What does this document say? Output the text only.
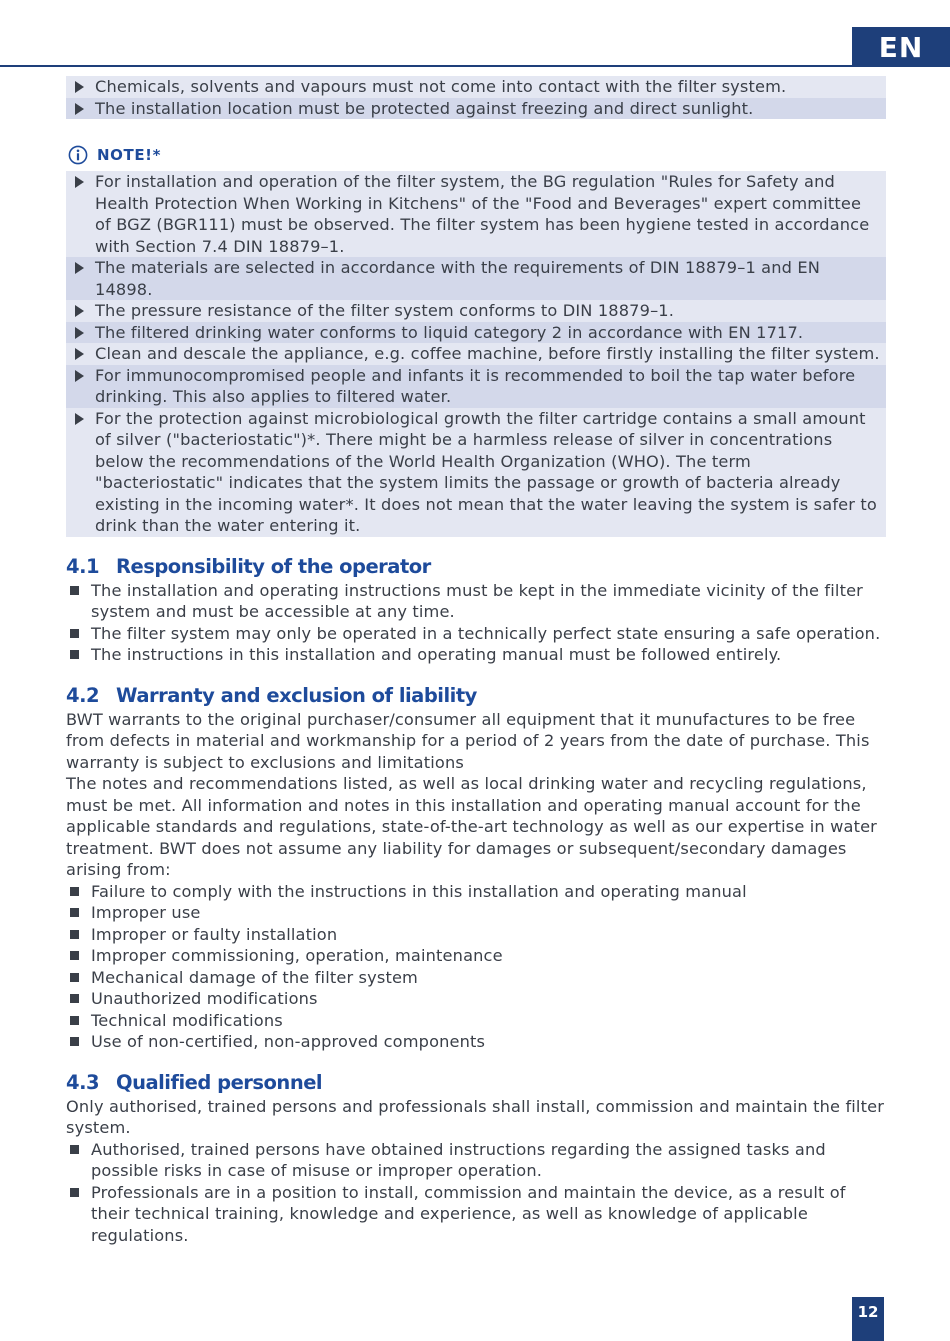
EN
Chemicals, solvents and vapours must not come into contact with the filter system.
The installation location must be protected against freezing and direct sunlight.
NOTE!*
For installation and operation of the filter system, the BG regulation "Rules for Safety and Health Protection When Working in Kitchens" of the "Food and Beverages" expert committee of BGZ (BGR111) must be observed. The filter system has been hygiene tested in accordance with Section 7.4 DIN 18879–1.
The materials are selected in accordance with the requirements of DIN 18879–1 and EN 14898.
The pressure resistance of the filter system conforms to DIN 18879–1.
The filtered drinking water conforms to liquid category 2 in accordance with EN 1717.
Clean and descale the appliance, e.g. coffee machine, before firstly installing the filter system.
For immunocompromised people and infants it is recommended to boil the tap water before drinking. This also applies to filtered water.
For the protection against microbiological growth the filter cartridge contains a small amount of silver ("bacteriostatic")*. There might be a harmless release of silver in concentrations below the recommendations of the World Health Organization (WHO). The term "bacteriostatic" indicates that the system limits the passage or growth of bacteria already existing in the incoming water*. It does not mean that the water leaving the system is safer to drink than the water entering it.
4.1 Responsibility of the operator
The installation and operating instructions must be kept in the immediate vicinity of the filter system and must be accessible at any time.
The filter system may only be operated in a technically perfect state ensuring a safe operation.
The instructions in this installation and operating manual must be followed entirely.
4.2 Warranty and exclusion of liability

BWT warrants to the original purchaser/consumer all equipment that it munufactures to be free from defects in material and workmanship for a period of 2 years from the date of purchase. This warranty is subject to exclusions and limitations

The notes and recommendations listed, as well as local drinking water and recycling regulations, must be met. All information and notes in this installation and operating manual account for the applicable standards and regulations, state-of-the-art technology as well as our expertise in water treatment. BWT does not assume any liability for damages or subsequent/secondary damages arising from:

Failure to comply with the instructions in this installation and operating manual
Improper use
Improper or faulty installation
Improper commissioning, operation, maintenance
Mechanical damage of the filter system
Unauthorized modifications
Technical modifications
Use of non-certified, non-approved components
4.3 Qualified personnel

Only authorised, trained persons and professionals shall install, commission and maintain the filter system.

Authorised, trained persons have obtained instructions regarding the assigned tasks and possible risks in case of misuse or improper operation.
Professionals are in a position to install, commission and maintain the device, as a result of their technical training, knowledge and experience, as well as knowledge of applicable regulations.
12
